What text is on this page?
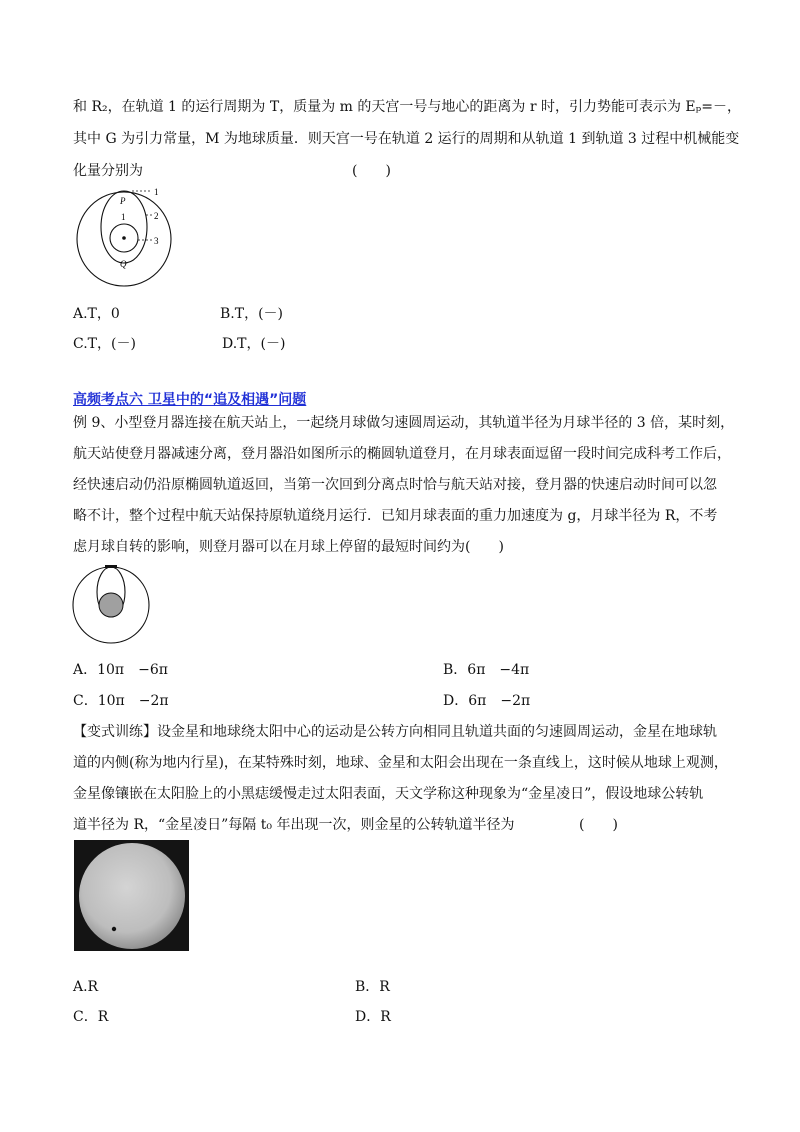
和 R₂，在轨道 1 的运行周期为 T，质量为 m 的天宫一号与地心的距离为 r 时，引力势能可表示为 Eₚ=－，
其中 G 为引力常量，M 为地球质量．则天宫一号在轨道 2 运行的周期和从轨道 1 到轨道 3 过程中机械能变
化量分别为	(　　)
1
2
3
P
1
Q
A.T，0	B.T，(－)
C.T，(－)	D.T，(－)
高频考点六 卫星中的“追及相遇”问题
例 9、小型登月器连接在航天站上，一起绕月球做匀速圆周运动，其轨道半径为月球半径的 3 倍，某时刻，
航天站使登月器减速分离，登月器沿如图所示的椭圆轨道登月，在月球表面逗留一段时间完成科考工作后，
经快速启动仍沿原椭圆轨道返回，当第一次回到分离点时恰与航天站对接，登月器的快速启动时间可以忽
略不计，整个过程中航天站保持原轨道绕月运行．已知月球表面的重力加速度为 g，月球半径为 R，不考
虑月球自转的影响，则登月器可以在月球上停留的最短时间约为(　　)
A．10π　−6π	B．6π　−4π
C．10π　−2π	D．6π　−2π
【变式训练】设金星和地球绕太阳中心的运动是公转方向相同且轨道共面的匀速圆周运动，金星在地球轨
道的内侧(称为地内行星)，在某特殊时刻，地球、金星和太阳会出现在一条直线上，这时候从地球上观测，
金星像镶嵌在太阳脸上的小黑痣缓慢走过太阳表面，天文学称这种现象为“金星凌日”，假设地球公转轨
道半径为 R，“金星凌日”每隔 t₀ 年出现一次，则金星的公转轨道半径为	(　　)
A.R	B．R
C．R	D．R
